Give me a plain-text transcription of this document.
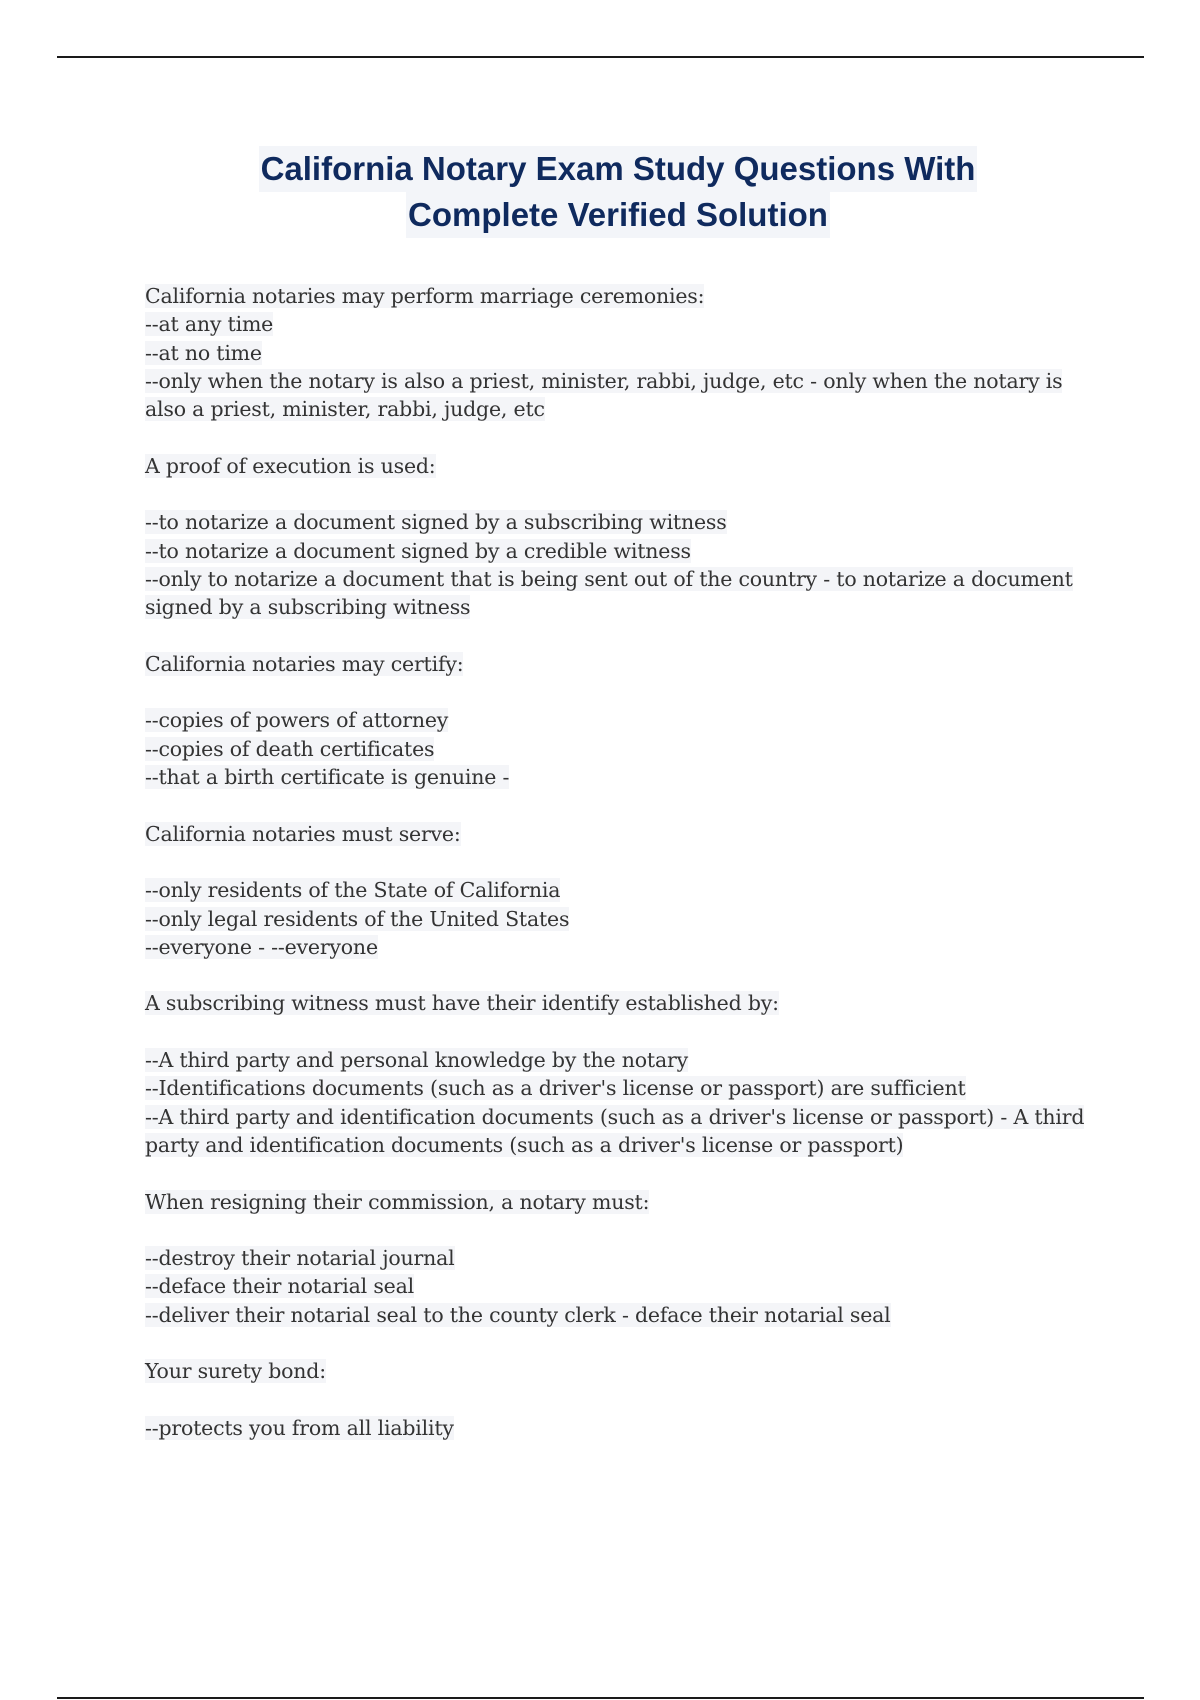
California Notary Exam Study Questions With
Complete Verified Solution
California notaries may perform marriage ceremonies:
--at any time
--at no time
--only when the notary is also a priest, minister, rabbi, judge, etc - only when the notary is also a priest, minister, rabbi, judge, etc
A proof of execution is used:
--to notarize a document signed by a subscribing witness
--to notarize a document signed by a credible witness
--only to notarize a document that is being sent out of the country - to notarize a document signed by a subscribing witness
California notaries may certify:
--copies of powers of attorney
--copies of death certificates
--that a birth certificate is genuine -
California notaries must serve:
--only residents of the State of California
--only legal residents of the United States
--everyone - --everyone
A subscribing witness must have their identify established by:
--A third party and personal knowledge by the notary
--Identifications documents (such as a driver's license or passport) are sufficient
--A third party and identification documents (such as a driver's license or passport) - A third party and identification documents (such as a driver's license or passport)
When resigning their commission, a notary must:
--destroy their notarial journal
--deface their notarial seal
--deliver their notarial seal to the county clerk - deface their notarial seal
Your surety bond:
--protects you from all liability
